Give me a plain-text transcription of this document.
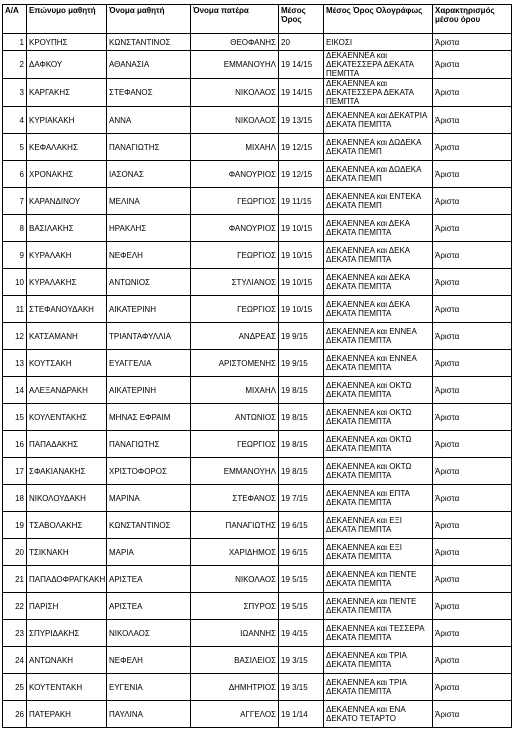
Α/Α	Επώνυμο μαθητή	Όνομα μαθητή	Όνομα πατέρα	Μέσος Όρος	Μέσος Όρος Ολογράφως	Χαρακτηρισμός μέσου όρου
1	ΚΡΟΥΠΗΣ	ΚΩΝΣΤΑΝΤΙΝΟΣ	ΘΕΟΦΑΝΗΣ	20	ΕΙΚΟΣΙ	Άριστα
2	ΔΑΦΚΟΥ	ΑΘΑΝΑΣΙΑ	ΕΜΜΑΝΟΥΗΛ	19 14/15	ΔΕΚΑΕΝΝΕΑ και ΔΕΚΑΤΕΣΣΕΡΑ ΔΕΚΑΤΑ ΠΕΜΠΤΑ	Άριστα
3	ΚΑΡΓΑΚΗΣ	ΣΤΕΦΑΝΟΣ	ΝΙΚΟΛΑΟΣ	19 14/15	ΔΕΚΑΕΝΝΕΑ και ΔΕΚΑΤΕΣΣΕΡΑ ΔΕΚΑΤΑ ΠΕΜΠΤΑ	Άριστα
4	ΚΥΡΙΑΚΑΚΗ	ΑΝΝΑ	ΝΙΚΟΛΑΟΣ	19 13/15	ΔΕΚΑΕΝΝΕΑ και ΔΕΚΑΤΡΙΑ ΔΕΚΑΤΑ ΠΕΜΠΤΑ	Άριστα
5	ΚΕΦΑΛΑΚΗΣ	ΠΑΝΑΓΙΩΤΗΣ	ΜΙΧΑΗΛ	19 12/15	ΔΕΚΑΕΝΝΕΑ και ΔΩΔΕΚΑ ΔΕΚΑΤΑ ΠΕΜΠ	Άριστα
6	ΧΡΟΝΑΚΗΣ	ΙΑΣΟΝΑΣ	ΦΑΝΟΥΡΙΟΣ	19 12/15	ΔΕΚΑΕΝΝΕΑ και ΔΩΔΕΚΑ ΔΕΚΑΤΑ ΠΕΜΠ	Άριστα
7	ΚΑΡΑΝΔΙΝΟΥ	ΜΕΛΙΝΑ	ΓΕΩΡΓΙΟΣ	19 11/15	ΔΕΚΑΕΝΝΕΑ και ΕΝΤΕΚΑ ΔΕΚΑΤΑ ΠΕΜΠ	Άριστα
8	ΒΑΣΙΛΑΚΗΣ	ΗΡΑΚΛΗΣ	ΦΑΝΟΥΡΙΟΣ	19 10/15	ΔΕΚΑΕΝΝΕΑ και ΔΕΚΑ ΔΕΚΑΤΑ ΠΕΜΠΤΑ	Άριστα
9	ΚΥΡΑΛΑΚΗ	ΝΕΦΕΛΗ	ΓΕΩΡΓΙΟΣ	19 10/15	ΔΕΚΑΕΝΝΕΑ και ΔΕΚΑ ΔΕΚΑΤΑ ΠΕΜΠΤΑ	Άριστα
10	ΚΥΡΑΛΑΚΗΣ	ΑΝΤΩΝΙΟΣ	ΣΤΥΛΙΑΝΟΣ	19 10/15	ΔΕΚΑΕΝΝΕΑ και ΔΕΚΑ ΔΕΚΑΤΑ ΠΕΜΠΤΑ	Άριστα
11	ΣΤΕΦΑΝΟΥΔΑΚΗ	ΑΙΚΑΤΕΡΙΝΗ	ΓΕΩΡΓΙΟΣ	19 10/15	ΔΕΚΑΕΝΝΕΑ και ΔΕΚΑ ΔΕΚΑΤΑ ΠΕΜΠΤΑ	Άριστα
12	ΚΑΤΣΑΜΑΝΗ	ΤΡΙΑΝΤΑΦΥΛΛΙΑ	ΑΝΔΡΕΑΣ	19 9/15	ΔΕΚΑΕΝΝΕΑ και ΕΝΝΕΑ ΔΕΚΑΤΑ ΠΕΜΠΤΑ	Άριστα
13	ΚΟΥΤΣΑΚΗ	ΕΥΑΓΓΕΛΙΑ	ΑΡΙΣΤΟΜΕΝΗΣ	19 9/15	ΔΕΚΑΕΝΝΕΑ και ΕΝΝΕΑ ΔΕΚΑΤΑ ΠΕΜΠΤΑ	Άριστα
14	ΑΛΕΞΑΝΔΡΑΚΗ	ΑΙΚΑΤΕΡΙΝΗ	ΜΙΧΑΗΛ	19 8/15	ΔΕΚΑΕΝΝΕΑ και ΟΚΤΩ ΔΕΚΑΤΑ ΠΕΜΠΤΑ	Άριστα
15	ΚΟΥΛΕΝΤΑΚΗΣ	ΜΗΝΑΣ ΕΦΡΑΙΜ	ΑΝΤΩΝΙΟΣ	19 8/15	ΔΕΚΑΕΝΝΕΑ και ΟΚΤΩ ΔΕΚΑΤΑ ΠΕΜΠΤΑ	Άριστα
16	ΠΑΠΑΔΑΚΗΣ	ΠΑΝΑΓΙΩΤΗΣ	ΓΕΩΡΓΙΟΣ	19 8/15	ΔΕΚΑΕΝΝΕΑ και ΟΚΤΩ ΔΕΚΑΤΑ ΠΕΜΠΤΑ	Άριστα
17	ΣΦΑΚΙΑΝΑΚΗΣ	ΧΡΙΣΤΟΦΟΡΟΣ	ΕΜΜΑΝΟΥΗΛ	19 8/15	ΔΕΚΑΕΝΝΕΑ και ΟΚΤΩ ΔΕΚΑΤΑ ΠΕΜΠΤΑ	Άριστα
18	ΝΙΚΟΛΟΥΔΑΚΗ	ΜΑΡΙΝΑ	ΣΤΕΦΑΝΟΣ	19 7/15	ΔΕΚΑΕΝΝΕΑ και ΕΠΤΑ ΔΕΚΑΤΑ ΠΕΜΠΤΑ	Άριστα
19	ΤΣΑΒΟΛΑΚΗΣ	ΚΩΝΣΤΑΝΤΙΝΟΣ	ΠΑΝΑΓΙΩΤΗΣ	19 6/15	ΔΕΚΑΕΝΝΕΑ και ΕΞΙ ΔΕΚΑΤΑ ΠΕΜΠΤΑ	Άριστα
20	ΤΣΙΚΝΑΚΗ	ΜΑΡΙΑ	ΧΑΡΙΔΗΜΟΣ	19 6/15	ΔΕΚΑΕΝΝΕΑ και ΕΞΙ ΔΕΚΑΤΑ ΠΕΜΠΤΑ	Άριστα
21	ΠΑΠΑΔΟΦΡΑΓΚΑΚΗ	ΑΡΙΣΤΕΑ	ΝΙΚΟΛΑΟΣ	19 5/15	ΔΕΚΑΕΝΝΕΑ και ΠΕΝΤΕ ΔΕΚΑΤΑ ΠΕΜΠΤΑ	Άριστα
22	ΠΑΡΙΣΗ	ΑΡΙΣΤΕΑ	ΣΠΥΡΟΣ	19 5/15	ΔΕΚΑΕΝΝΕΑ και ΠΕΝΤΕ ΔΕΚΑΤΑ ΠΕΜΠΤΑ	Άριστα
23	ΣΠΥΡΙΔΑΚΗΣ	ΝΙΚΟΛΑΟΣ	ΙΩΑΝΝΗΣ	19 4/15	ΔΕΚΑΕΝΝΕΑ και ΤΕΣΣΕΡΑ ΔΕΚΑΤΑ ΠΕΜΠΤΑ	Άριστα
24	ΑΝΤΩΝΑΚΗ	ΝΕΦΕΛΗ	ΒΑΣΙΛΕΙΟΣ	19 3/15	ΔΕΚΑΕΝΝΕΑ και ΤΡΙΑ ΔΕΚΑΤΑ ΠΕΜΠΤΑ	Άριστα
25	ΚΟΥΤΕΝΤΑΚΗ	ΕΥΓΕΝΙΑ	ΔΗΜΗΤΡΙΟΣ	19 3/15	ΔΕΚΑΕΝΝΕΑ και ΤΡΙΑ ΔΕΚΑΤΑ ΠΕΜΠΤΑ	Άριστα
26	ΠΑΤΕΡΑΚΗ	ΠΑΥΛΙΝΑ	ΑΓΓΕΛΟΣ	19 1/14	ΔΕΚΑΕΝΝΕΑ και ΕΝΑ ΔΕΚΑΤΟ ΤΕΤΑΡΤΟ	Άριστα
